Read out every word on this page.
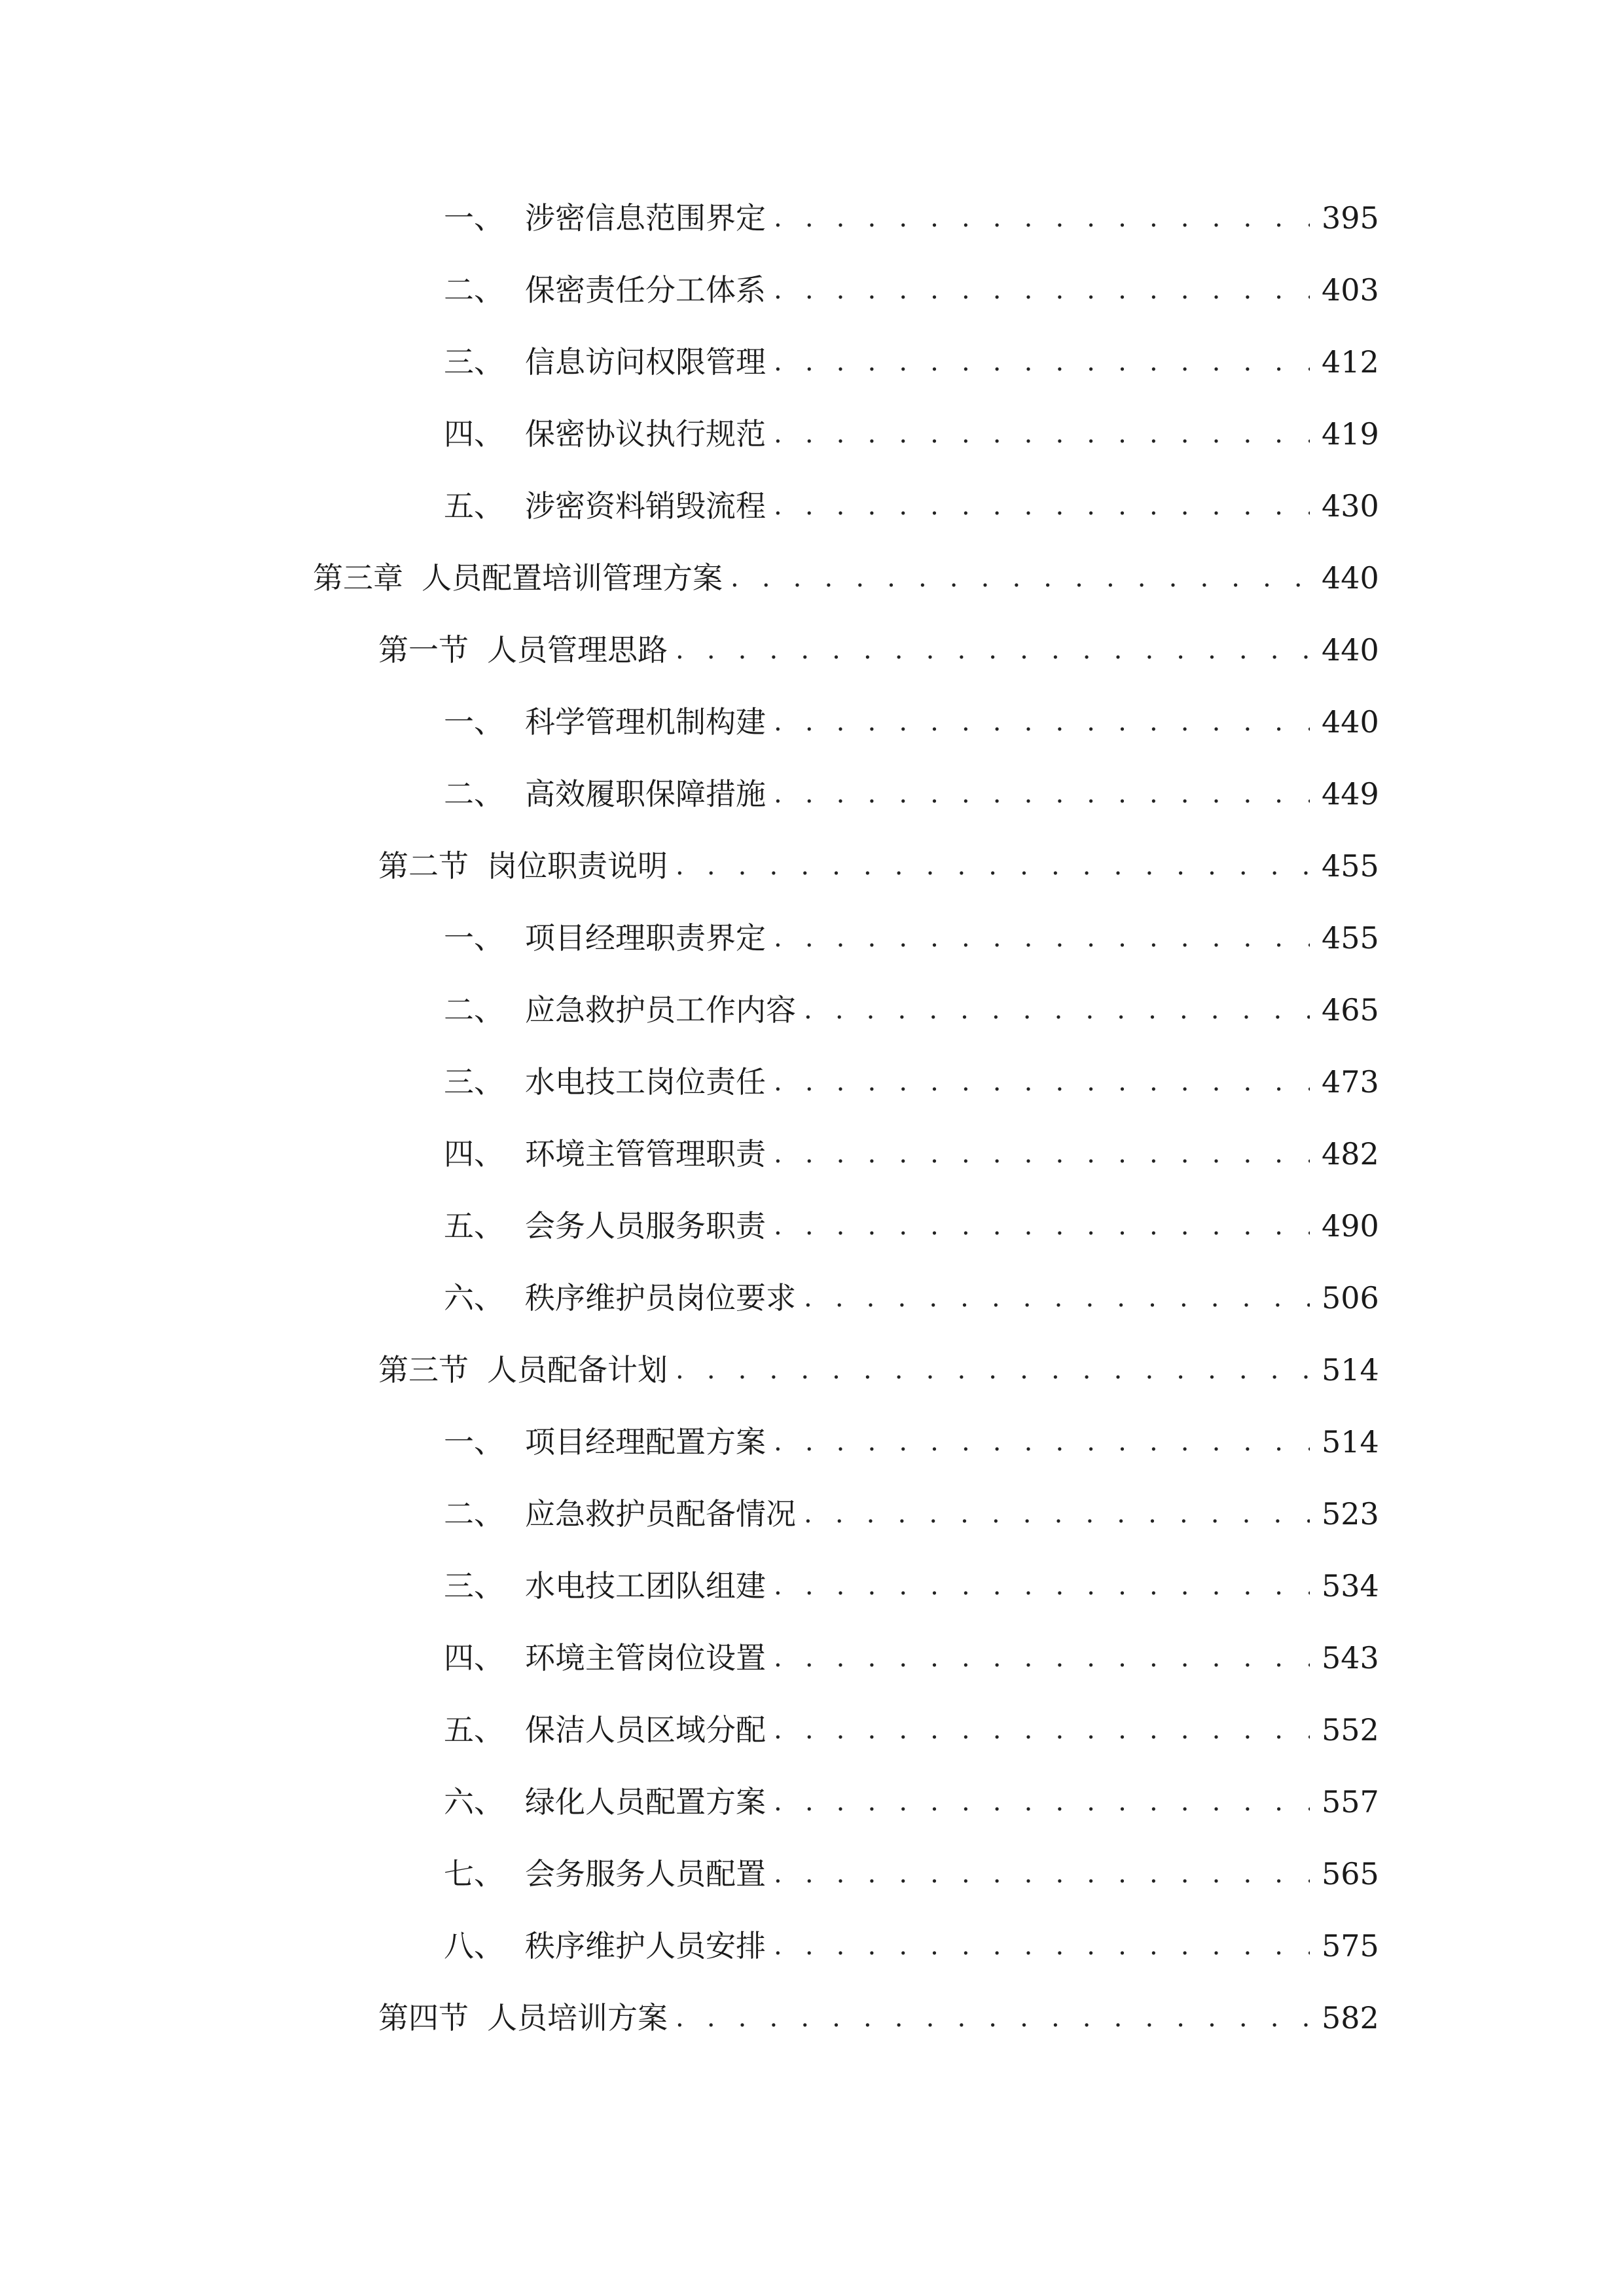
一、 涉密信息范围界定 . . .	395
二、 保密责任分工体系 . . .	403
三、 信息访问权限管理 . . .	412
四、 保密协议执行规范 . . .	419
五、 涉密资料销毁流程 . . .	430
第三章 人员配置培训管理方案 . . .	440
第一节 人员管理思路 . . .	440
一、 科学管理机制构建 . . .	440
二、 高效履职保障措施 . . .	449
第二节 岗位职责说明 . . .	455
一、 项目经理职责界定 . . .	455
二、 应急救护员工作内容 . . .	465
三、 水电技工岗位责任 . . .	473
四、 环境主管管理职责 . . .	482
五、 会务人员服务职责 . . .	490
六、 秩序维护员岗位要求 . . .	506
第三节 人员配备计划 . . .	514
一、 项目经理配置方案 . . .	514
二、 应急救护员配备情况 . . .	523
三、 水电技工团队组建 . . .	534
四、 环境主管岗位设置 . . .	543
五、 保洁人员区域分配 . . .	552
六、 绿化人员配置方案 . . .	557
七、 会务服务人员配置 . . .	565
八、 秩序维护人员安排 . . .	575
第四节 人员培训方案 . . .	582
